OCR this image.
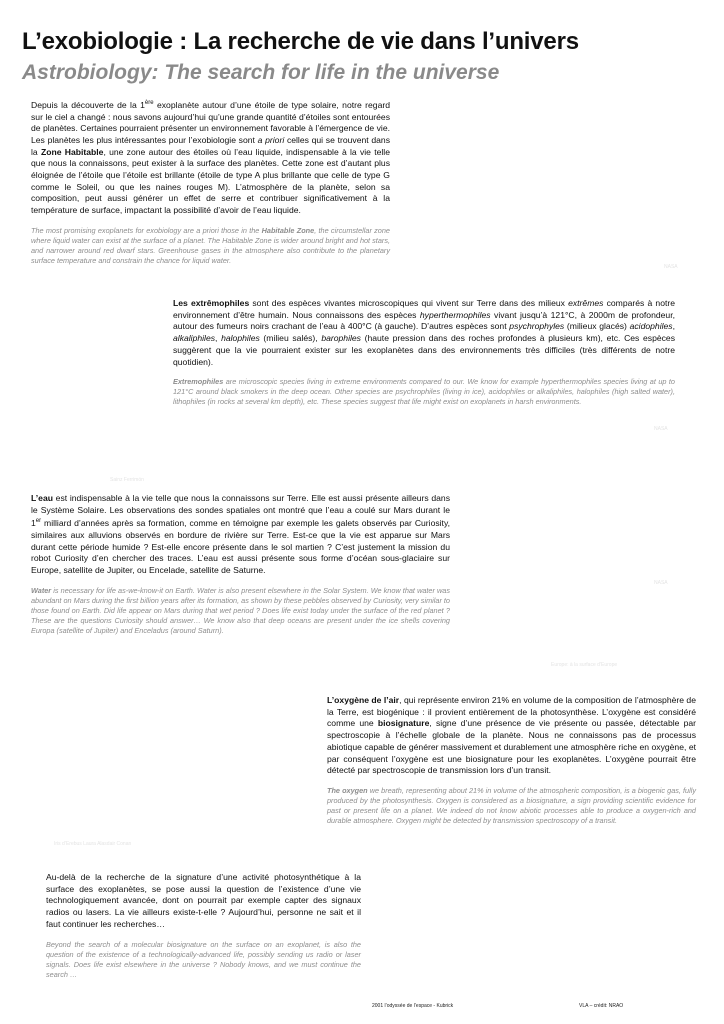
L’exobiologie : La recherche de vie dans l’univers
Astrobiology: The search for life in the universe

Depuis la découverte de la 1ère exoplanète autour d’une étoile de type solaire, notre regard sur le ciel a changé : nous savons aujourd’hui qu’une grande quantité d’étoiles sont entourées de planètes. Certaines pourraient présenter un environnement favorable à l’émergence de vie. Les planètes les plus intéressantes pour l’exobiologie sont a priori celles qui se trouvent dans la Zone Habitable, une zone autour des étoiles où l’eau liquide, indispensable à la vie telle que nous la connaissons, peut exister à la surface des planètes. Cette zone est d’autant plus éloignée de l’étoile que l’étoile est brillante (étoile de type A plus brillante que celle de type G comme le Soleil, ou que les naines rouges M). L’atmosphère de la planète, selon sa composition, peut aussi générer un effet de serre et contribuer significativement à la température de surface, impactant la possibilité d’avoir de l’eau liquide.

The most promising exoplanets for exobiology are a priori those in the Habitable Zone, the circumstellar zone where liquid water can exist at the surface of a planet. The Habitable Zone is wider around bright and hot stars, and narrower around red dwarf stars. Greenhouse gases in the atmosphere also contribute to the planetary surface temperature and constrain the chance for liquid water.

NASA

Les extrêmophiles sont des espèces vivantes microscopiques qui vivent sur Terre dans des milieux extrêmes comparés à notre environnement d’être humain. Nous connaissons des espèces hyperthermophiles vivant jusqu’à 121°C, à 2000m de profondeur, autour des fumeurs noirs crachant de l’eau à 400°C (à gauche). D’autres espèces sont psychrophyles (milieux glacés) acidophiles, alkaliphiles, halophiles (milieu salés), barophiles (haute pression dans des roches profondes à plusieurs km), etc. Ces espèces suggèrent que la vie pourraient exister sur les exoplanètes dans des environnements très difficiles (très différents de notre quotidien).

Extremophiles are microscopic species living in extreme environments compared to our. We know for example hyperthermophiles species living at up to 121°C around black smokers in the deep ocean. Other species are psychrophiles (living in ice), acidophiles or alkaliphiles, halophiles (high salted water), lithophiles (in rocks at several km depth), etc. These species suggest that life might exist on exoplanets in harsh environments.

NASA
Sainz Ferrimón

L’eau est indispensable à la vie telle que nous la connaissons sur Terre. Elle est aussi présente ailleurs dans le Système Solaire. Les observations des sondes spatiales ont montré que l’eau a coulé sur Mars durant le 1er milliard d’années après sa formation, comme en témoigne par exemple les galets observés par Curiosity, similaires aux alluvions observés en bordure de rivière sur Terre. Est-ce que la vie est apparue sur Mars durant cette période humide ? Est-elle encore présente dans le sol martien ? C’est justement la mission du robot Curiosity d’en chercher des traces. L’eau est aussi présente sous forme d’océan sous-glaciaire sur Europe, satellite de Jupiter, ou Encelade, satellite de Saturne.

Water is necessary for life as-we-know-it on Earth. Water is also present elsewhere in the Solar System. We know that water was abundant on Mars during the first billion years after its formation, as shown by these pebbles observed by Curiosity, very similar to those found on Earth. Did life appear on Mars during that wet period ? Does life exist today under the surface of the red planet ? These are the questions Curiosity should answer… We know also that deep oceans are present under the ice shells covering Europa (satellite of Jupiter) and Enceladus (around Saturn).

NASA
Europe: à la surface d’Europe

L’oxygène de l’air, qui représente environ 21% en volume de la composition de l’atmosphère de la Terre, est biogénique : il provient entièrement de la photosynthèse. L’oxygène est considéré comme une biosignature, signe d’une présence de vie présente ou passée, détectable par spectroscopie à l’échelle globale de la planète. Nous ne connaissons pas de processus abiotique capable de générer massivement et durablement une atmosphère riche en oxygène, et par conséquent l’oxygène est une biosignature pour les exoplanètes. L’oxygène pourrait être détecté par spectroscopie de transmission lors d’un transit.

The oxygen we breath, representing about 21% in volume of the atmospheric composition, is a biogenic gas, fully produced by the photosynthesis. Oxygen is considered as a biosignature, a sign providing scientific evidence for past or present life on a planet. We indeed do not know abiotic processes able to produce a oxygen-rich and durable atmosphere. Oxygen might be detected by transmission spectroscopy of a transit.

Iris d’Erebus Laura Alasdair Conan

Au-delà de la recherche de la signature d’une activité photosynthétique à la surface des exoplanètes, se pose aussi la question de l’existence d’une vie technologiquement avancée, dont on pourrait par exemple capter des signaux radios ou lasers. La vie ailleurs existe-t-elle ? Aujourd’hui, personne ne sait et il faut continuer les recherches…

Beyond the search of a molecular biosignature on the surface on an exoplanet, is also the question of the existence of a technologically-advanced life, possibly sending us radio or laser signals. Does life exist elsewhere in the universe ? Nobody knows, and we must continue the search …

2001 l’odyssée de l’espace - Kubrick	VLA – crédit: NRAO
